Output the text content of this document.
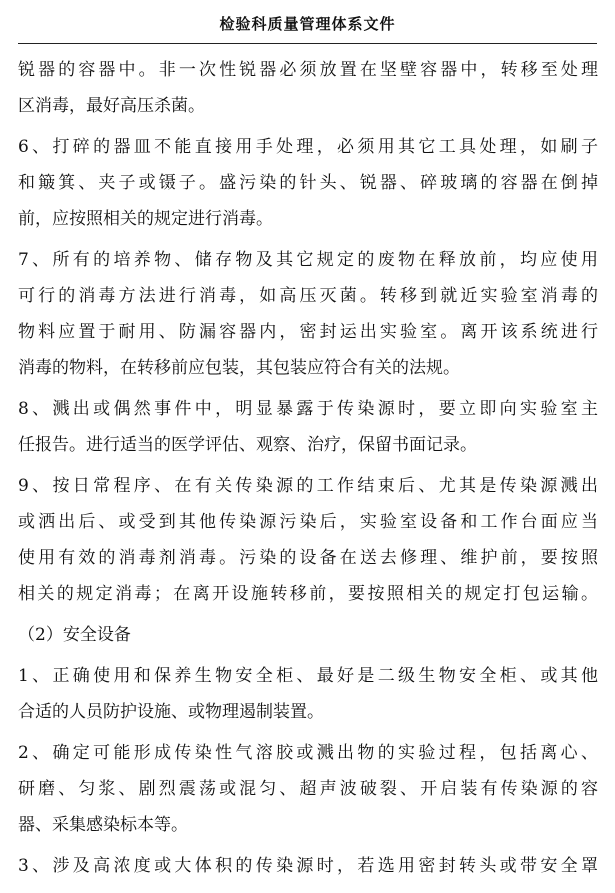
检验科质量管理体系文件
锐器的容器中。非一次性锐器必须放置在坚壁容器中，转移至处理
区消毒，最好高压杀菌。
6、打碎的器皿不能直接用手处理，必须用其它工具处理，如刷子
和簸箕、夹子或镊子。盛污染的针头、锐器、碎玻璃的容器在倒掉
前，应按照相关的规定进行消毒。
7、所有的培养物、储存物及其它规定的废物在释放前，均应使用
可行的消毒方法进行消毒，如高压灭菌。转移到就近实验室消毒的
物料应置于耐用、防漏容器内，密封运出实验室。离开该系统进行
消毒的物料，在转移前应包装，其包装应符合有关的法规。
8、溅出或偶然事件中，明显暴露于传染源时，要立即向实验室主
任报告。进行适当的医学评估、观察、治疗，保留书面记录。
9、按日常程序、在有关传染源的工作结束后、尤其是传染源溅出
或洒出后、或受到其他传染源污染后，实验室设备和工作台面应当
使用有效的消毒剂消毒。污染的设备在送去修理、维护前，要按照
相关的规定消毒；在离开设施转移前，要按照相关的规定打包运输。
（2）安全设备
1、正确使用和保养生物安全柜、最好是二级生物安全柜、或其他
合适的人员防护设施、或物理遏制装置。
2、确定可能形成传染性气溶胶或溅出物的实验过程，包括离心、
研磨、匀浆、剧烈震荡或混匀、超声波破裂、开启装有传染源的容
器、采集感染标本等。
3、涉及高浓度或大体积的传染源时，若选用密封转头或带安全罩
